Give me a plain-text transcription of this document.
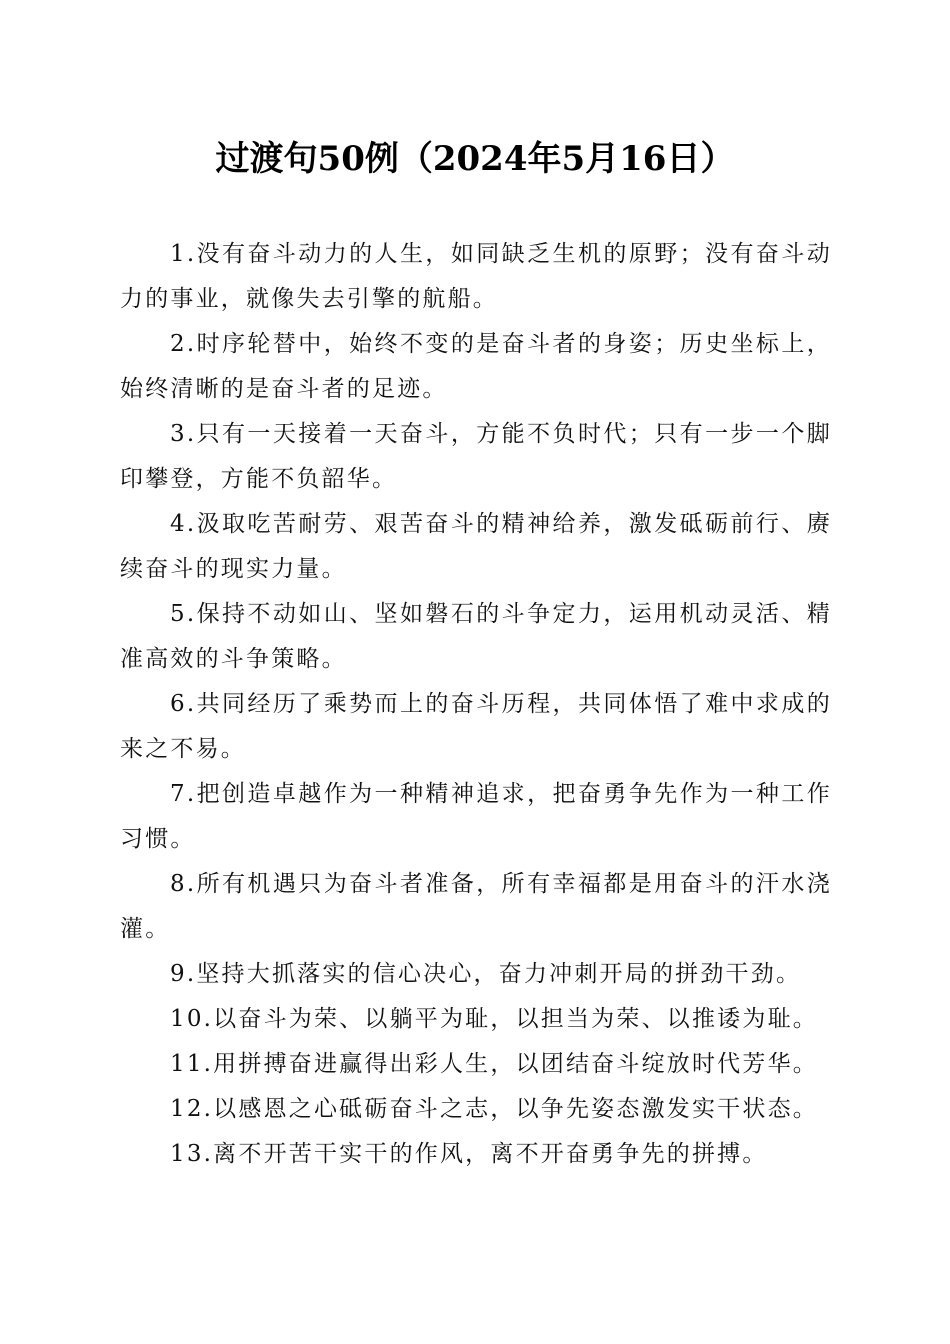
过渡句50例（2024年5月16日）

1.没有奋斗动力的人生，如同缺乏生机的原野；没有奋斗动力的事业，就像失去引擎的航船。

2.时序轮替中，始终不变的是奋斗者的身姿；历史坐标上，始终清晰的是奋斗者的足迹。

3.只有一天接着一天奋斗，方能不负时代；只有一步一个脚印攀登，方能不负韶华。

4.汲取吃苦耐劳、艰苦奋斗的精神给养，激发砥砺前行、赓续奋斗的现实力量。

5.保持不动如山、坚如磐石的斗争定力，运用机动灵活、精准高效的斗争策略。

6.共同经历了乘势而上的奋斗历程，共同体悟了难中求成的来之不易。

7.把创造卓越作为一种精神追求，把奋勇争先作为一种工作习惯。

8.所有机遇只为奋斗者准备，所有幸福都是用奋斗的汗水浇灌。

9.坚持大抓落实的信心决心，奋力冲刺开局的拼劲干劲。

10.以奋斗为荣、以躺平为耻，以担当为荣、以推诿为耻。

11.用拼搏奋进赢得出彩人生，以团结奋斗绽放时代芳华。

12.以感恩之心砥砺奋斗之志，以争先姿态激发实干状态。

13.离不开苦干实干的作风，离不开奋勇争先的拼搏。
